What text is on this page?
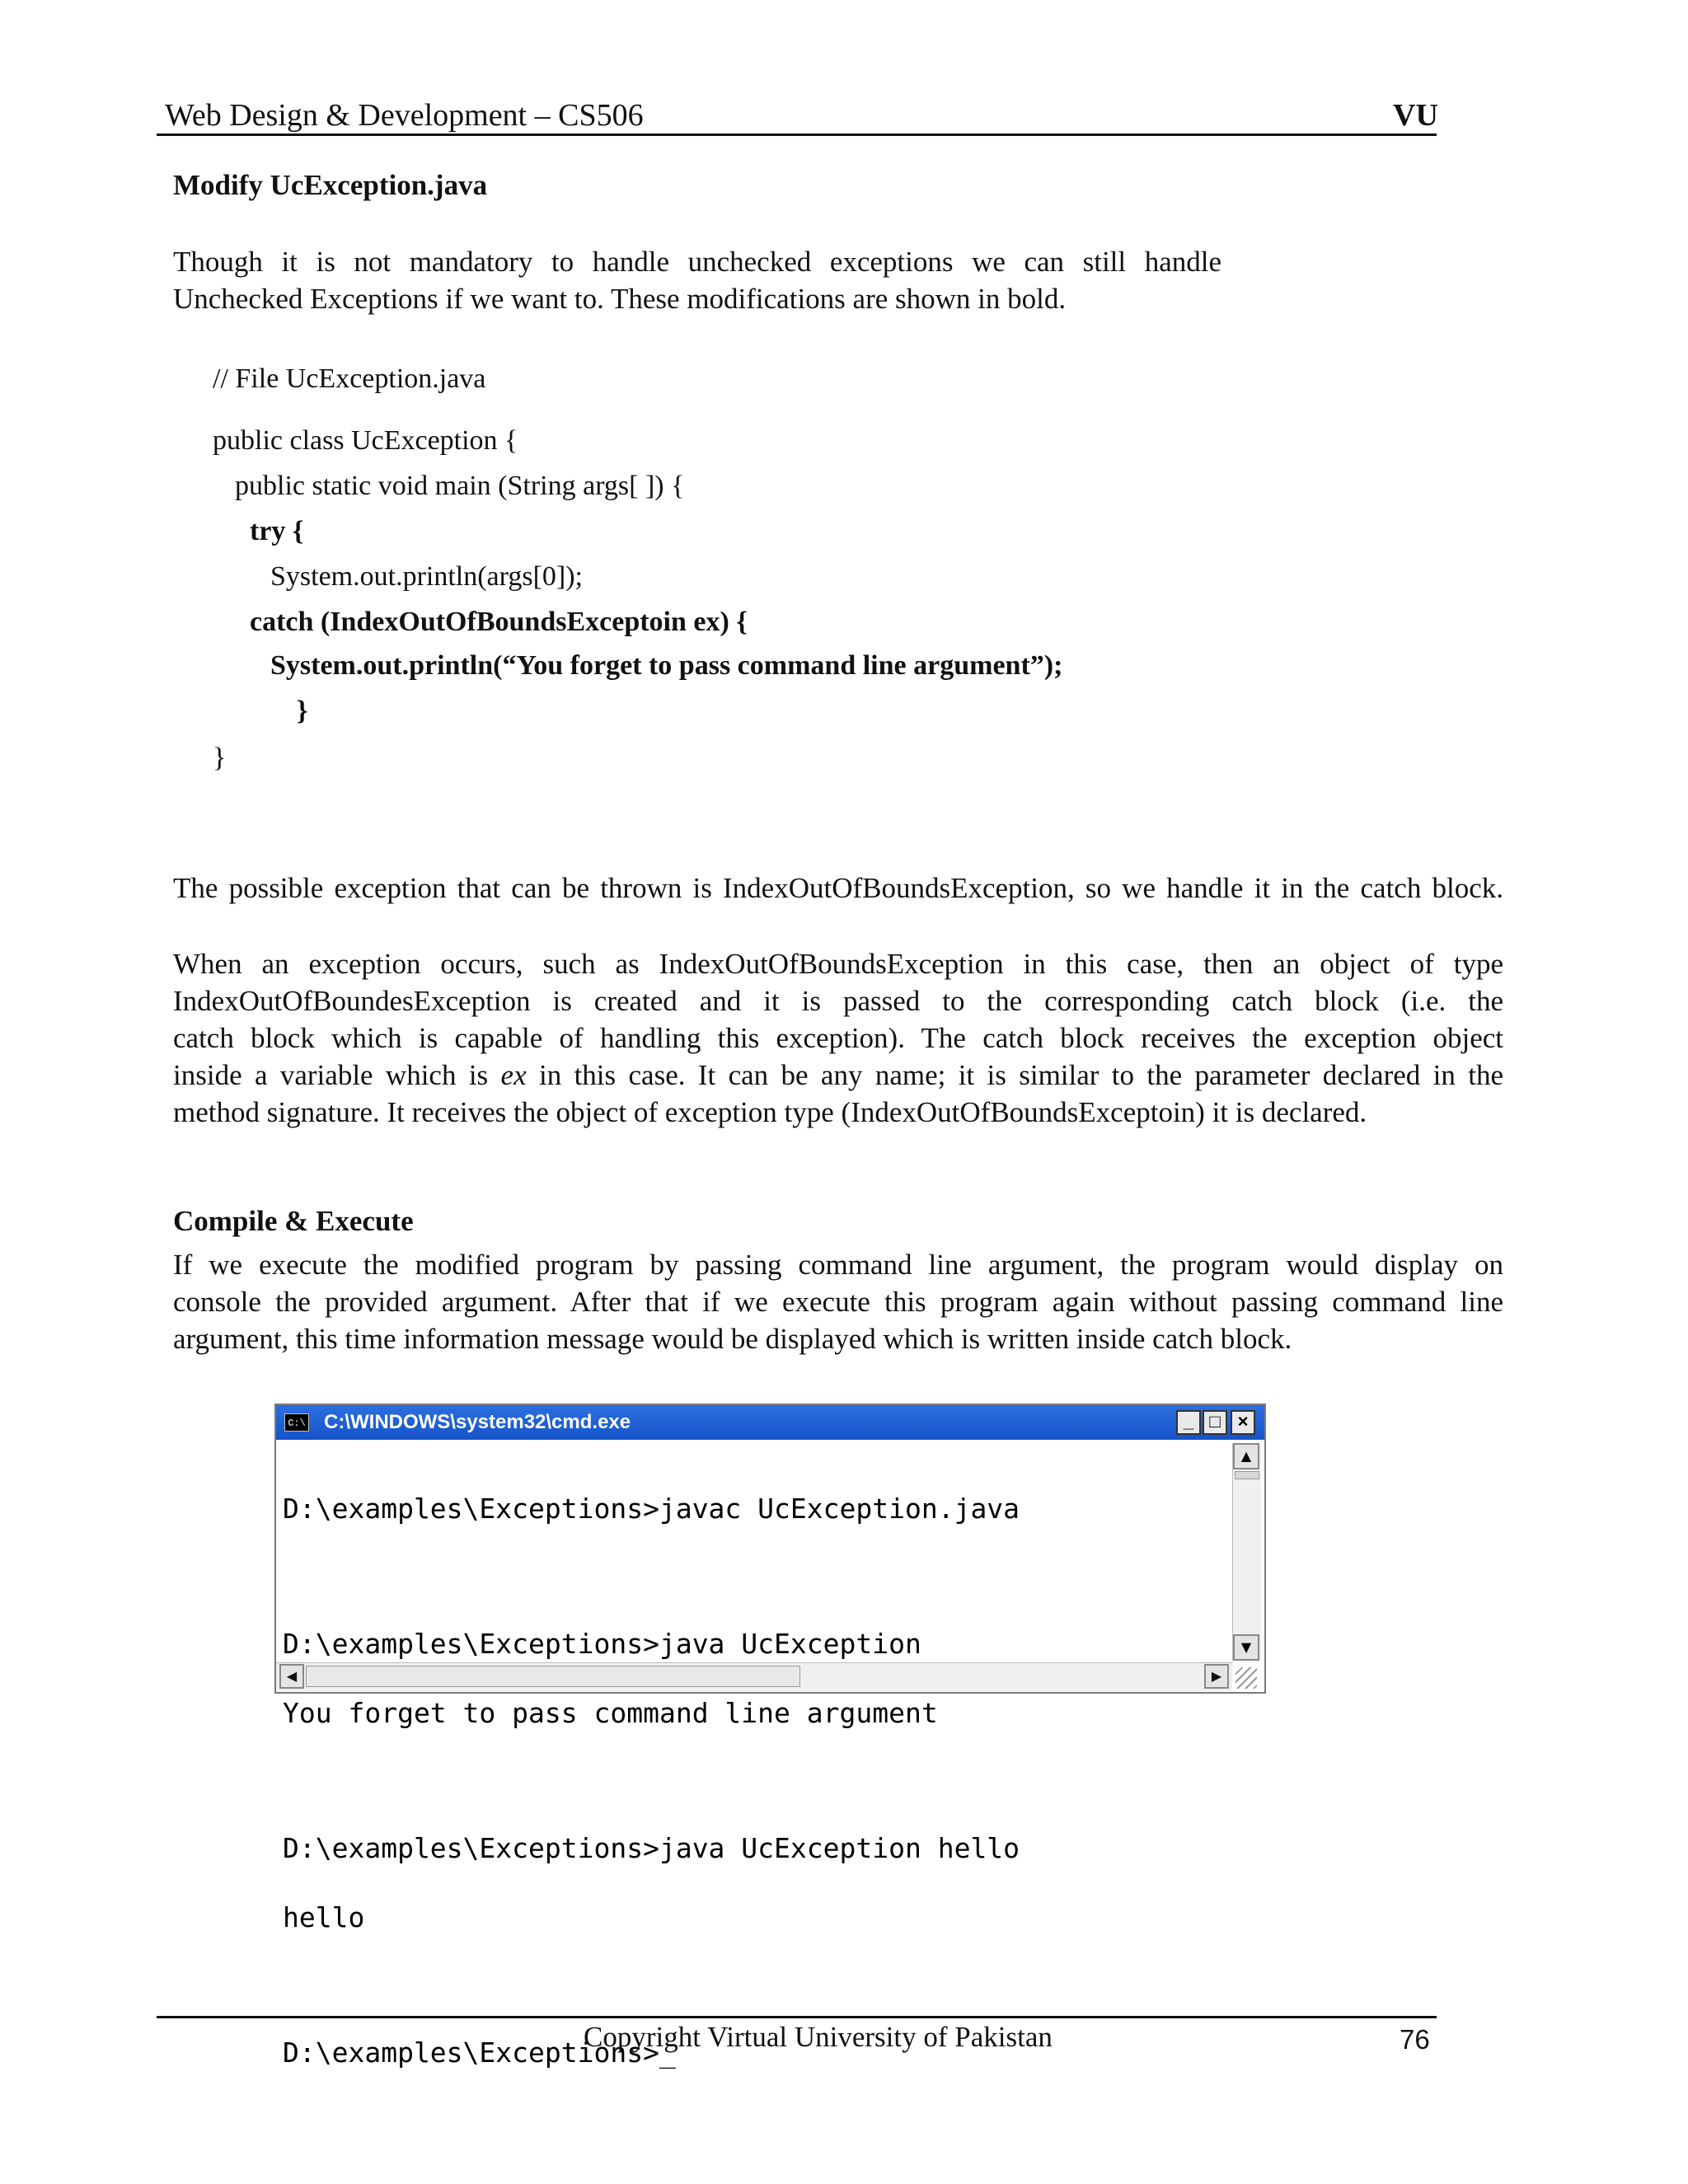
Web Design & Development – CS506	VU
Modify UcException.java
Though it is not mandatory to handle unchecked exceptions we can still handle
Unchecked Exceptions if we want to. These modifications are shown in bold.
// File UcException.java
public class UcException {
public static void main (String args[ ]) {
try {
System.out.println(args[0]);
catch (IndexOutOfBoundsExceptoin ex) {
System.out.println(“You forget to pass command line argument”);
}
}
The possible exception that can be thrown is IndexOutOfBoundsException, so we handle it in the catch block.
When an exception occurs, such as IndexOutOfBoundsException in this case, then an object of type
IndexOutOfBoundesException is created and it is passed to the corresponding catch block (i.e. the
catch block which is capable of handling this exception). The catch block receives the exception object
inside a variable which is ex in this case. It can be any name; it is similar to the parameter declared in the
method signature. It receives the object of exception type (IndexOutOfBoundsExceptoin) it is declared.
Compile & Execute
If we execute the modified program by passing command line argument, the program would display on
console the provided argument. After that if we execute this program again without passing command line
argument, this time information message would be displayed which is written inside catch block.
C:\ C:\WINDOWS\system32\cmd.exe	_ □ ×

D:\examples\Exceptions>javac UcException.java

D:\examples\Exceptions>java UcException

You forget to pass command line argument

D:\examples\Exceptions>java UcException hello

hello

D:\examples\Exceptions>_

▲
▼
◀	▶
Copyright Virtual University of Pakistan	76
